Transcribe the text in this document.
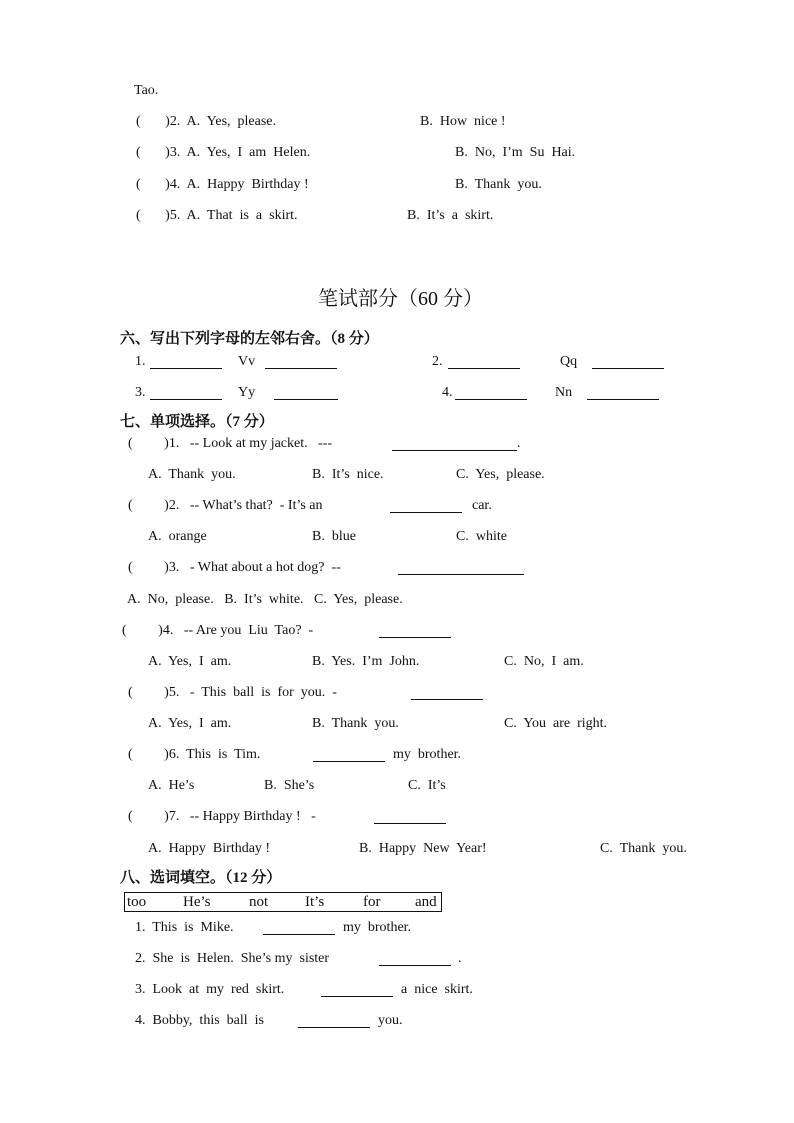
Tao.
(       )2.  A.  Yes,  please.	B.  How  nice !
(       )3.  A.  Yes,  I  am  Helen.	B.  No,  I’m  Su  Hai.
(       )4.  A.  Happy  Birthday !	B.  Thank  you.
(       )5.  A.  That  is  a  skirt.	B.  It’s  a  skirt.
笔试部分（60 分）
六、写出下列字母的左邻右舍。（8 分）
1.	Vv	2.	Qq
3.	Yy	4.	Nn
七、单项选择。（7 分）
(         )1.   -- Look at my jacket.   ---	.
A.  Thank  you.	B.  It’s  nice.	C.  Yes,  please.
(         )2.   -- What’s that?  - It’s an	car.
A.  orange	B.  blue	C.  white
(         )3.   - What about a hot dog?  --
A.  No,  please.   B.  It’s  white.   C.  Yes,  please.
(         )4.   -- Are you  Liu  Tao?  -
A.  Yes,  I  am.	B.  Yes.  I’m  John.	C.  No,  I  am.
(         )5.   -  This  ball  is  for  you.  -
A.  Yes,  I  am.	B.  Thank  you.	C.  You  are  right.
(         )6.  This  is  Tim.	my  brother.
A.  He’s	B.  She’s	C.  It’s
(         )7.   -- Happy Birthday !   -
A.  Happy  Birthday !	B.  Happy  New  Year!	C.  Thank  you.
八、选词填空。（12 分）
too He’s	not It’s	for and
1.  This  is  Mike.	my  brother.
2.  She  is  Helen.  She’s my  sister	.
3.  Look  at  my  red  skirt.	a  nice  skirt.
4.  Bobby,  this  ball  is	you.
